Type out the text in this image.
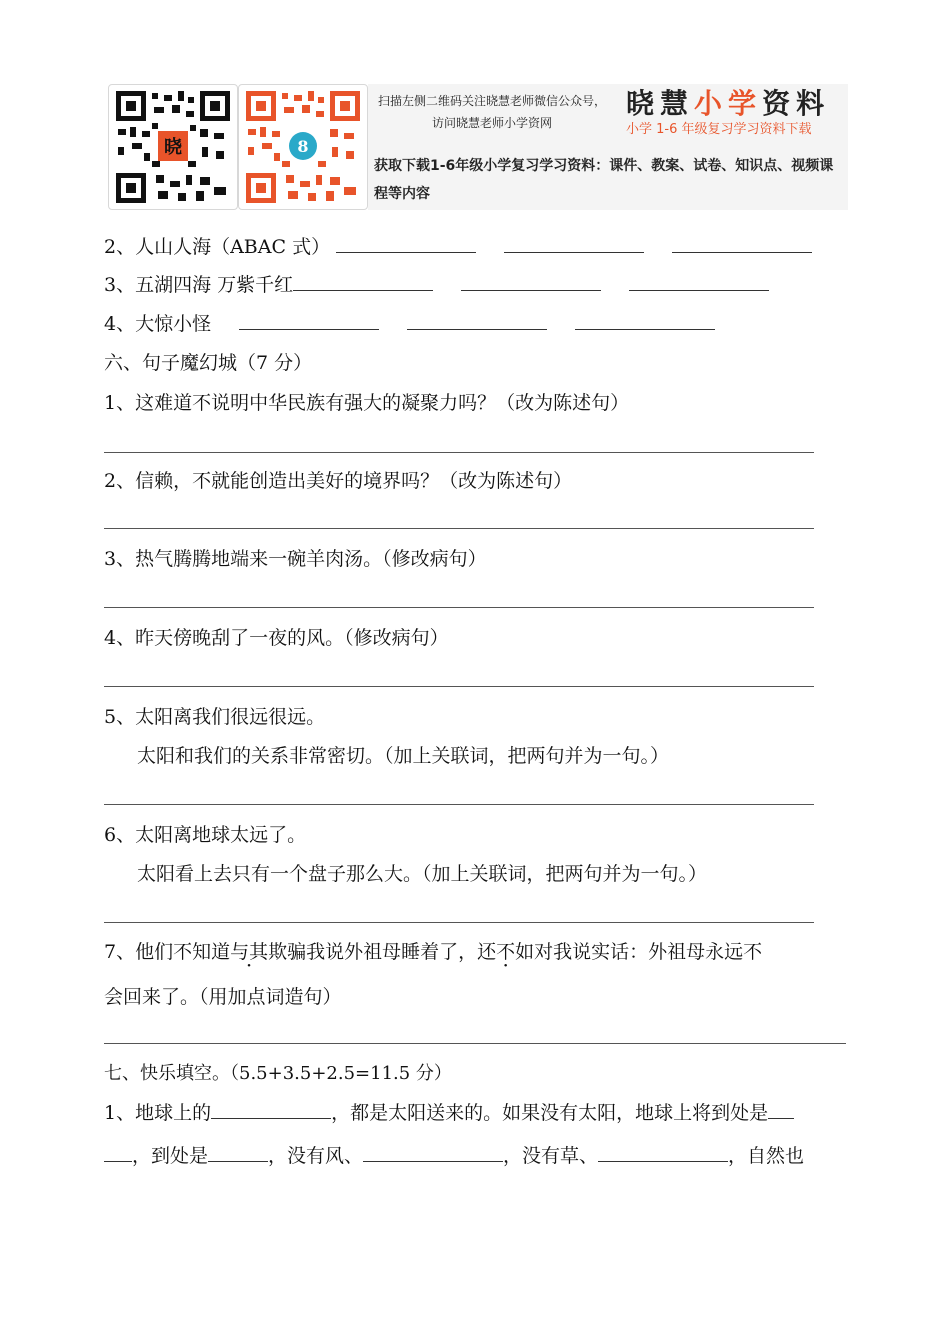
晓	8
扫描左侧二维码关注晓慧老师微信公众号，访问晓慧老师小学资网
晓慧小学资料
小学 1-6 年级复习学习资料下载
获取下载1-6年级小学复习学习资料：课件、教案、试卷、知识点、视频课程等内容
2、人山人海（ABAC 式）
3、五湖四海 万紫千红
4、大惊小怪
六、句子魔幻城（7 分）
1、这难道不说明中华民族有强大的凝聚力吗？（改为陈述句）
2、信赖，不就能创造出美好的境界吗？（改为陈述句）
3、热气腾腾地端来一碗羊肉汤。（修改病句）
4、昨天傍晚刮了一夜的风。（修改病句）
5、太阳离我们很远很远。
太阳和我们的关系非常密切。（加上关联词，把两句并为一句。）
6、太阳离地球太远了。
太阳看上去只有一个盘子那么大。（加上关联词，把两句并为一句。）
7、他们不知道与其欺骗我说外祖母睡着了，还不如对我说实话：外祖母永远不
会回来了。（用加点词造句）
七、快乐填空。（5.5+3.5+2.5=11.5 分）
1、地球上的	，都是太阳送来的。如果没有太阳，地球上将到处是
，到处是	，没有风、	，没有草、	，自然也
